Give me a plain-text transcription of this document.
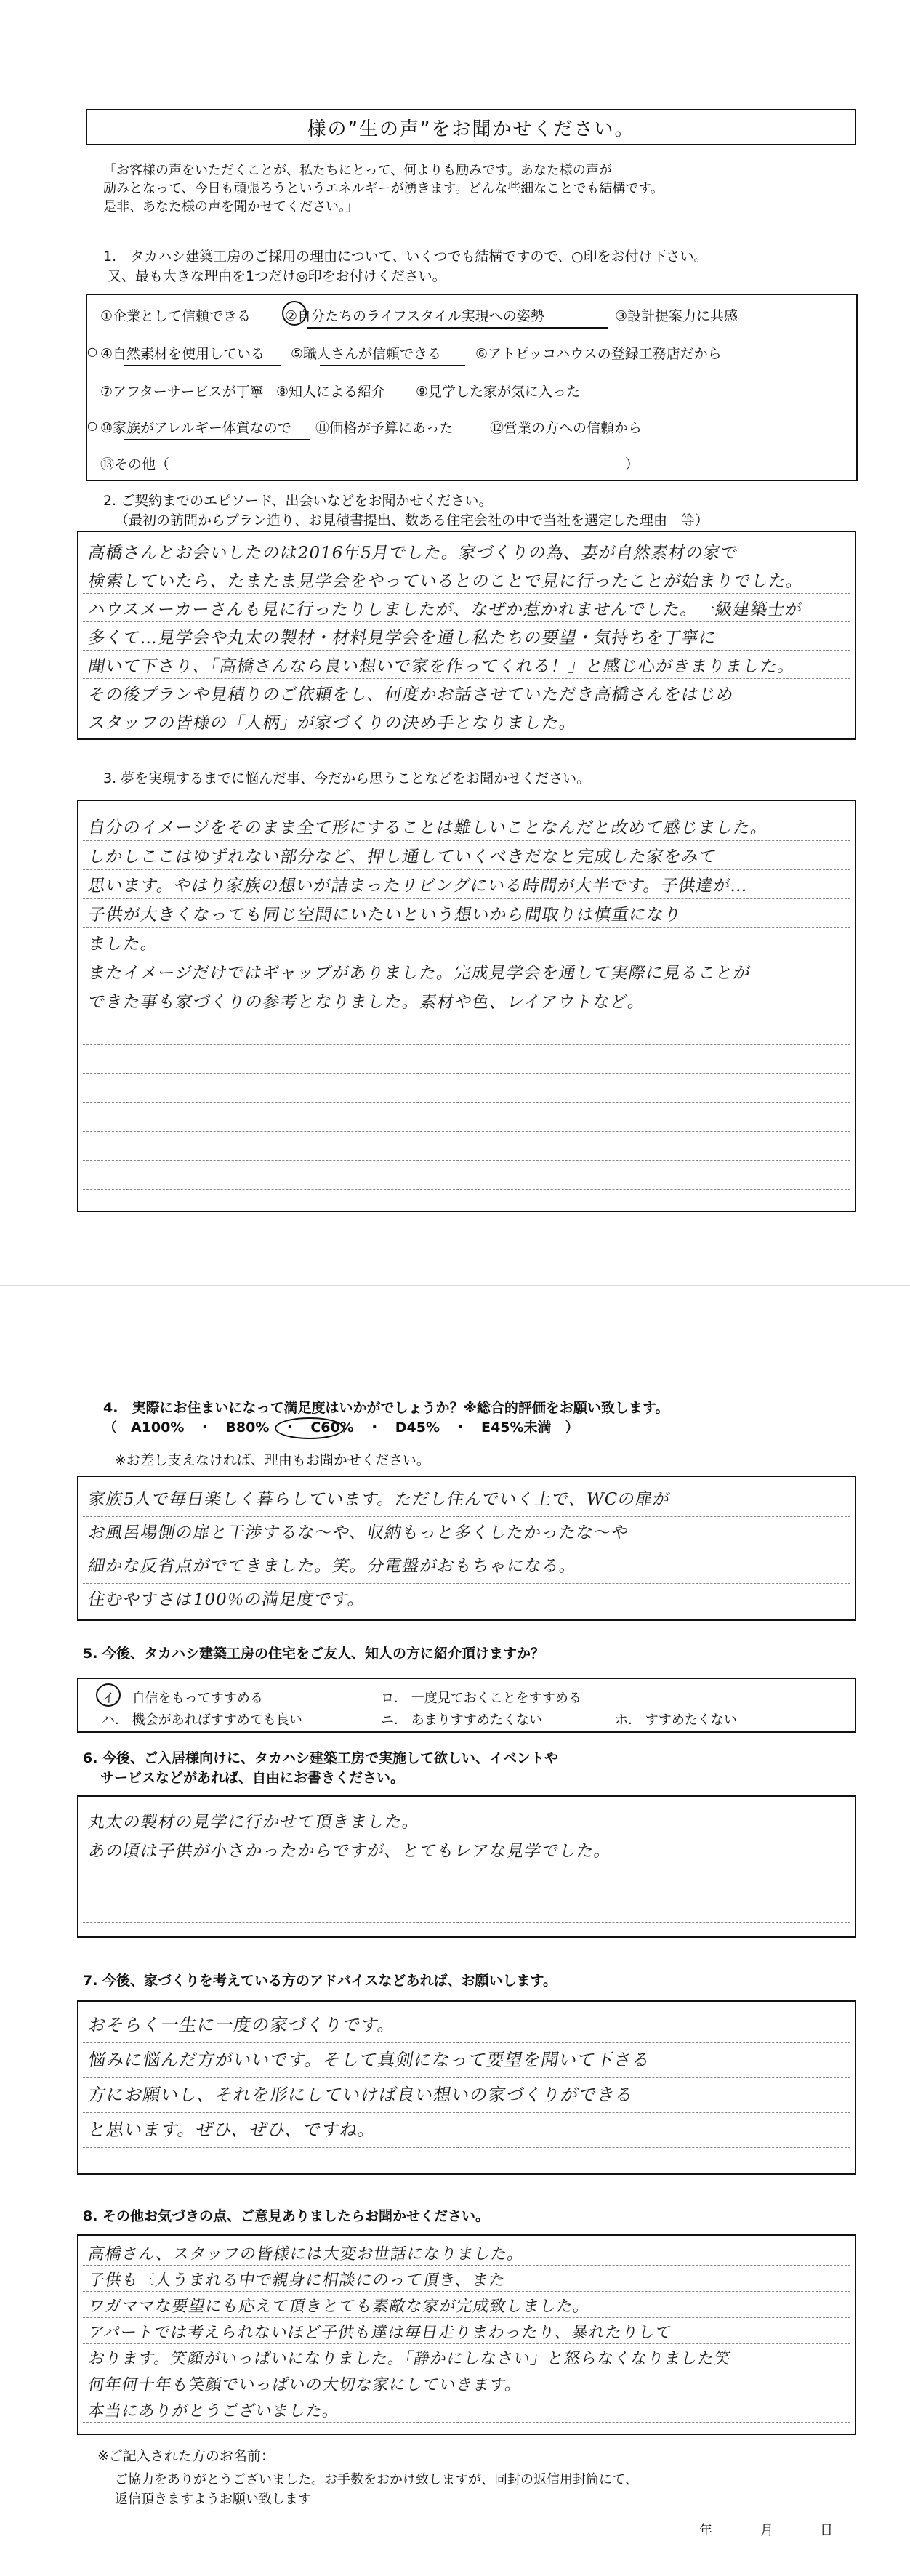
様の”生の声”をお聞かせください。
「お客様の声をいただくことが、私たちにとって、何よりも励みです。あなた様の声が
励みとなって、今日も頑張ろうというエネルギーが湧きます。どんな些細なことでも結構です。
是非、あなた様の声を聞かせてください。」
1.　タカハシ建築工房のご採用の理由について、いくつでも結構ですので、○印をお付け下さい。
又、最も大きな理由を1つだけ◎印をお付けください。
①企業として信頼できる ②自分たちのライフスタイル実現への姿勢	③設計提案力に共感
④自然素材を使用している ⑤職人さんが信頼できる ⑥アトピッコハウスの登録工務店だから
⑦アフターサービスが丁寧 ⑧知人による紹介 ⑨見学した家が気に入った
⑩家族がアレルギー体質なので ⑪価格が予算にあった	⑫営業の方への信頼から
⑬その他（　　　　　　　　　　　　　　　　　　　　　　　　　　　　　　　　　）
○
○
2. ご契約までのエピソード、出会いなどをお聞かせください。
（最初の訪問からプラン造り、お見積書提出、数ある住宅会社の中で当社を選定した理由　等）
高橋さんとお会いしたのは2016年5月でした。家づくりの為、妻が自然素材の家で
検索していたら、たまたま見学会をやっているとのことで見に行ったことが始まりでした。
ハウスメーカーさんも見に行ったりしましたが、なぜか惹かれませんでした。一級建築士が
多くて…見学会や丸太の製材・材料見学会を通し私たちの要望・気持ちを丁寧に
聞いて下さり、「高橋さんなら良い想いで家を作ってくれる！」と感じ心がきまりました。
その後プランや見積りのご依頼をし、何度かお話させていただき高橋さんをはじめ
スタッフの皆様の「人柄」が家づくりの決め手となりました。
3. 夢を実現するまでに悩んだ事、今だから思うことなどをお聞かせください。
自分のイメージをそのまま全て形にすることは難しいことなんだと改めて感じました。
しかしここはゆずれない部分など、押し通していくべきだなと完成した家をみて
思います。やはり家族の想いが詰まったリビングにいる時間が大半です。子供達が…
子供が大きくなっても同じ空間にいたいという想いから間取りは慎重になり
ました。
またイメージだけではギャップがありました。完成見学会を通して実際に見ることが
できた事も家づくりの参考となりました。素材や色、レイアウトなど。
4.　実際にお住まいになって満足度はいかがでしょうか？※総合的評価をお願い致します。
（　A100%　・　B80%　・　C60%　・　D45%　・　E45%未満　）
※お差し支えなければ、理由もお聞かせください。
家族5人で毎日楽しく暮らしています。ただし住んでいく上で、WCの扉が
お風呂場側の扉と干渉するな〜や、収納もっと多くしたかったな〜や
細かな反省点がでてきました。笑。分電盤がおもちゃになる。
住むやすさは100％の満足度です。
5. 今後、タカハシ建築工房の住宅をご友人、知人の方に紹介頂けますか？
イ.　自信をもってすすめる	ロ.　一度見ておくことをすすめる
ハ.　機会があればすすめても良い	ニ.　あまりすすめたくない	ホ.　すすめたくない
6. 今後、ご入居様向けに、タカハシ建築工房で実施して欲しい、イベントや
サービスなどがあれば、自由にお書きください。
丸太の製材の見学に行かせて頂きました。
あの頃は子供が小さかったからですが、とてもレアな見学でした。
7. 今後、家づくりを考えている方のアドバイスなどあれば、お願いします。
おそらく一生に一度の家づくりです。
悩みに悩んだ方がいいです。そして真剣になって要望を聞いて下さる
方にお願いし、それを形にしていけば良い想いの家づくりができる
と思います。ぜひ、ぜひ、ですね。
8. その他お気づきの点、ご意見ありましたらお聞かせください。
高橋さん、スタッフの皆様には大変お世話になりました。
子供も三人うまれる中で親身に相談にのって頂き、また
ワガママな要望にも応えて頂きとても素敵な家が完成致しました。
アパートでは考えられないほど子供も達は毎日走りまわったり、暴れたりして
おります。笑顔がいっぱいになりました。「静かにしなさい」と怒らなくなりました笑
何年何十年も笑顔でいっぱいの大切な家にしていきます。
本当にありがとうございました。
※ご記入された方のお名前：
ご協力をありがとうございました。お手数をおかけ致しますが、同封の返信用封筒にて、
返信頂きますようお願い致します
年	月	日
